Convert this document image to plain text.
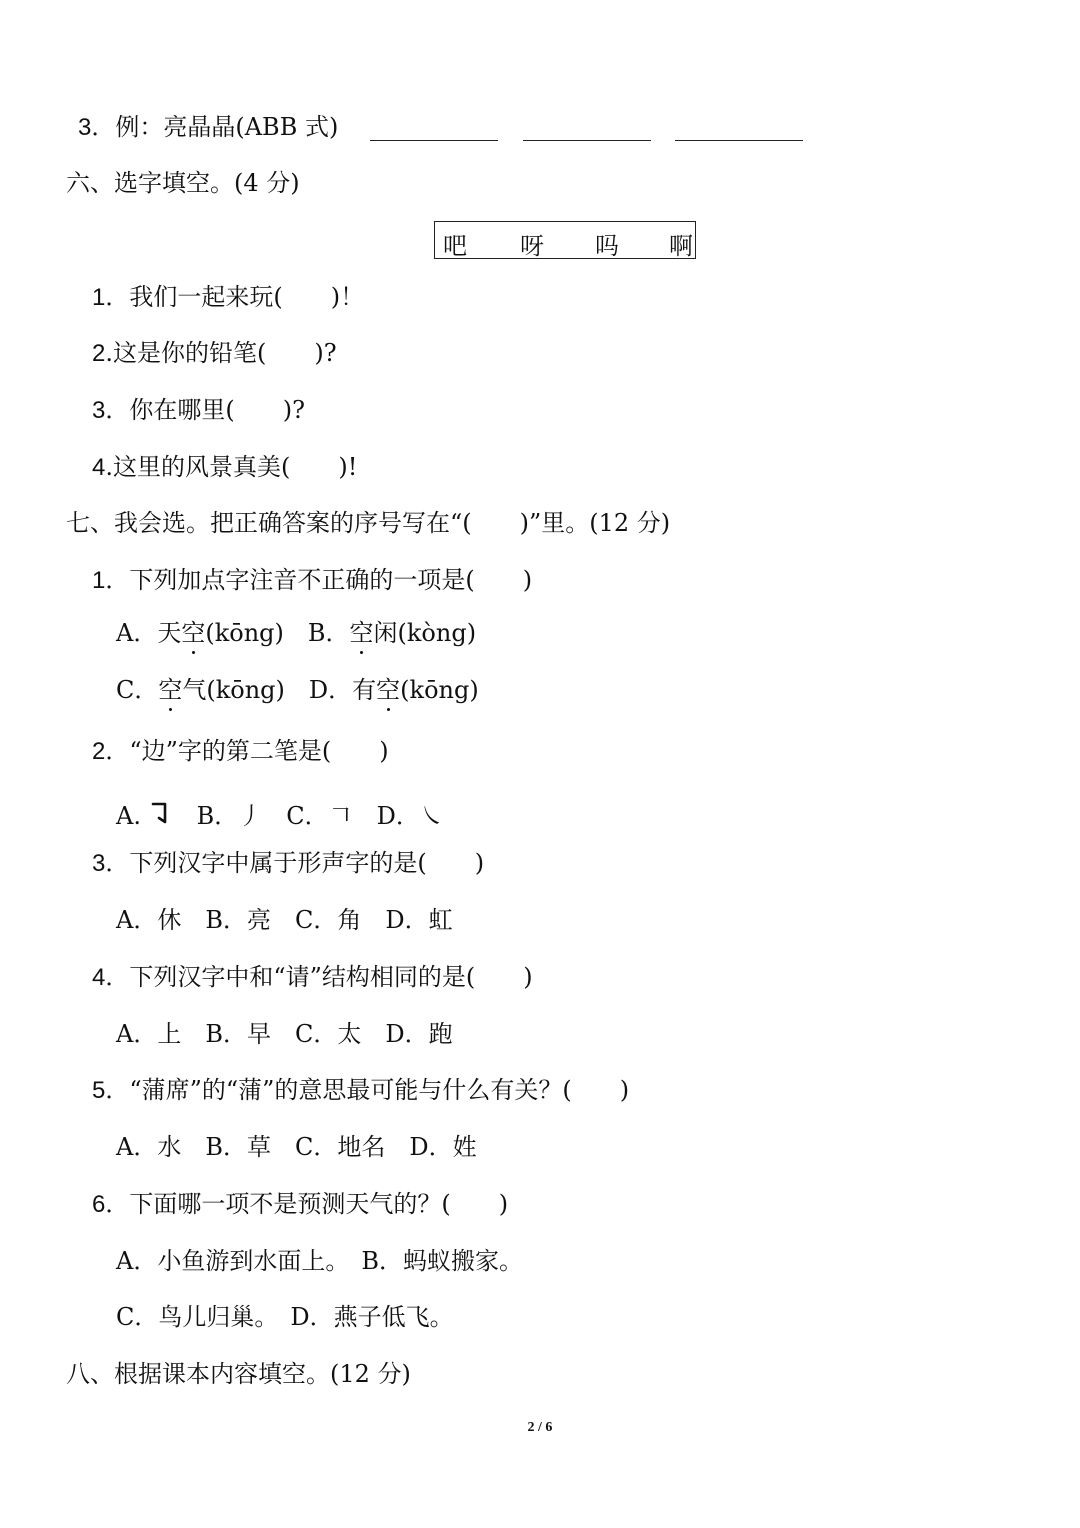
3．例：亮晶晶(ABB 式)
六、选字填空。(4 分)
吧 呀 吗 啊
1．我们一起来玩(　　)！
2.这是你的铅笔(　　)?
3．你在哪里(　　)?
4.这里的风景真美(　　)!
七、我会选。把正确答案的序号写在“(　　)”里。(12 分)
1．下列加点字注音不正确的一项是(　　)
A．天空(kōng) B．空闲(kòng)
C．空气(kōng) D．有空(kōng)
2．“边”字的第二笔是(　　)
A. B．丿 C．𠃍 D．㇏
3．下列汉字中属于形声字的是(　　)
A．休　B．亮　C．角　D．虹
4．下列汉字中和“请”结构相同的是(　　)
A．上　B．早　C．太　D．跑
5．“蒲席”的“蒲”的意思最可能与什么有关？(　　)
A．水　B．草　C．地名　D．姓
6．下面哪一项不是预测天气的？(　　)
A．小鱼游到水面上。　B．蚂蚁搬家。
C．鸟儿归巢。　D．燕子低飞。
八、根据课本内容填空。(12 分)
2 / 6
